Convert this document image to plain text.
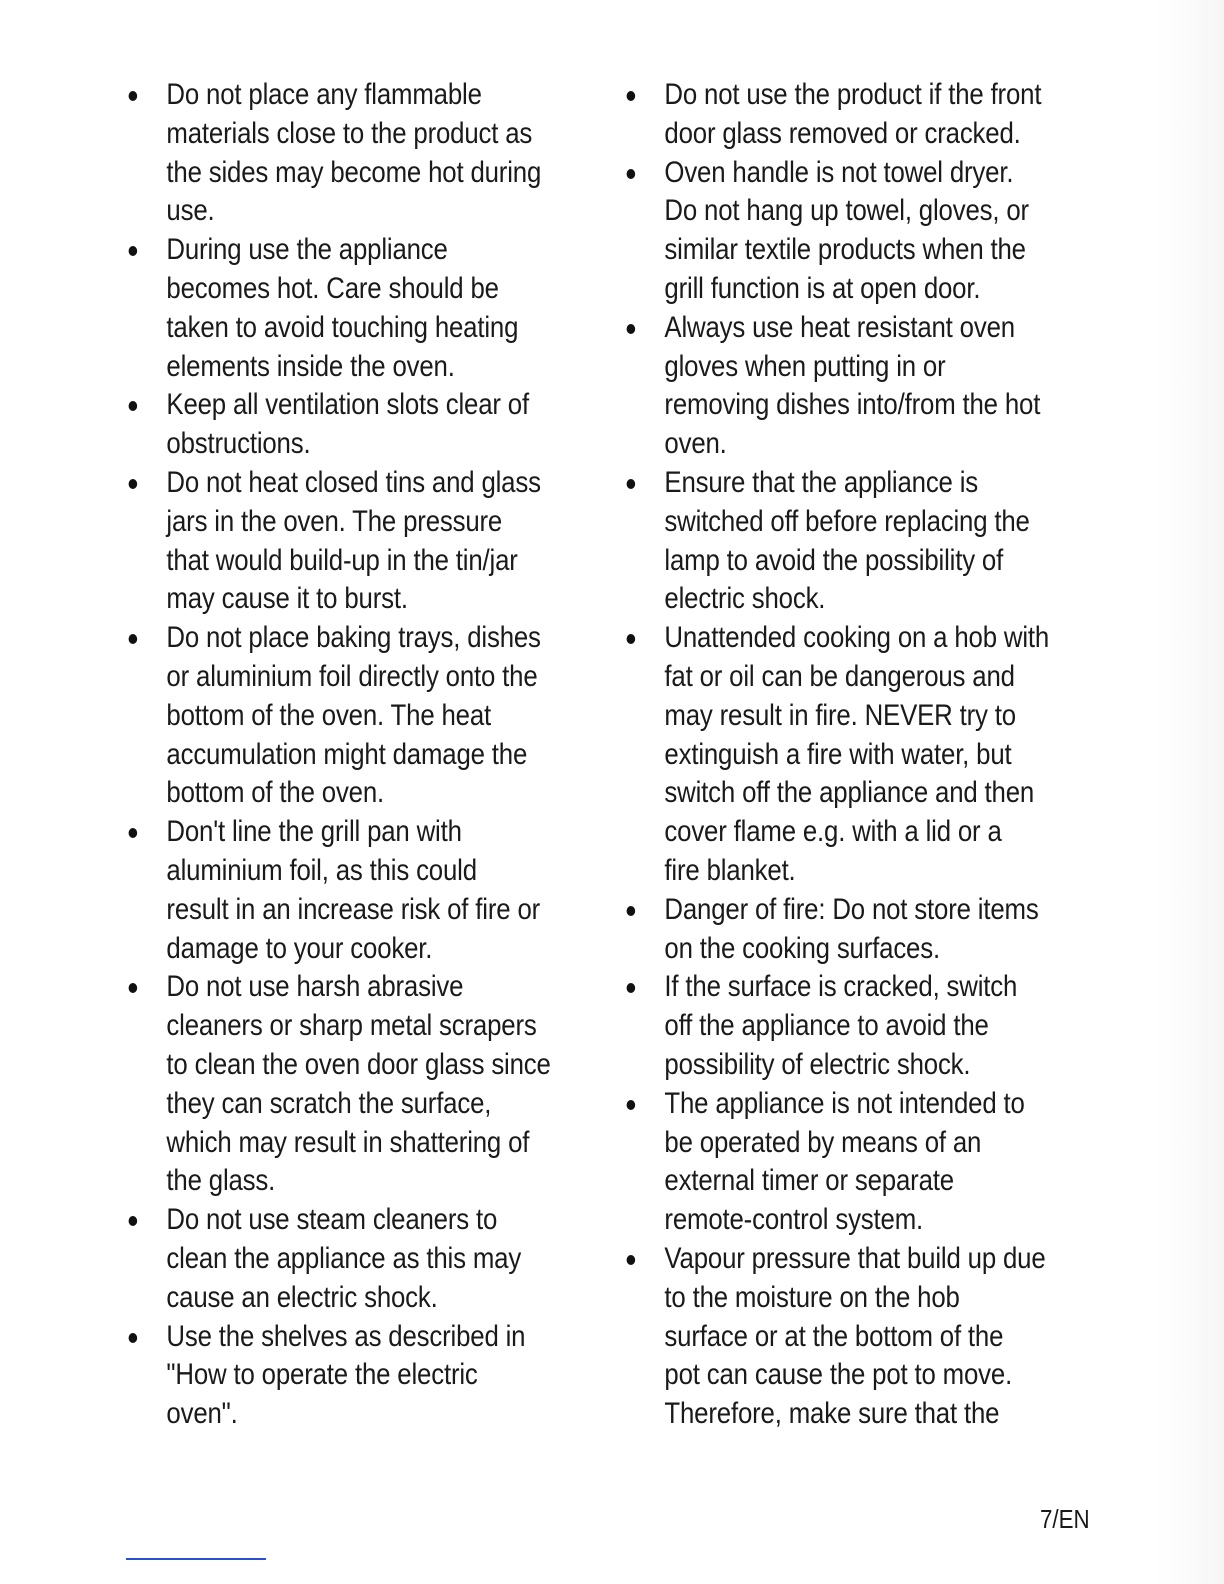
Do not place any flammable
materials close to the product as
the sides may become hot during
use.
During use the appliance
becomes hot. Care should be
taken to avoid touching heating
elements inside the oven.
Keep all ventilation slots clear of
obstructions.
Do not heat closed tins and glass
jars in the oven. The pressure
that would build-up in the tin/jar
may cause it to burst.
Do not place baking trays, dishes
or aluminium foil directly onto the
bottom of the oven. The heat
accumulation might damage the
bottom of the oven.
Don't line the grill pan with
aluminium foil, as this could
result in an increase risk of fire or
damage to your cooker.
Do not use harsh abrasive
cleaners or sharp metal scrapers
to clean the oven door glass since
they can scratch the surface,
which may result in shattering of
the glass.
Do not use steam cleaners to
clean the appliance as this may
cause an electric shock.
Use the shelves as described in
"How to operate the electric
oven".
Do not use the product if the front
door glass removed or cracked.
Oven handle is not towel dryer.
Do not hang up towel, gloves, or
similar textile products when the
grill function is at open door.
Always use heat resistant oven
gloves when putting in or
removing dishes into/from the hot
oven.
Ensure that the appliance is
switched off before replacing the
lamp to avoid the possibility of
electric shock.
Unattended cooking on a hob with
fat or oil can be dangerous and
may result in fire. NEVER try to
extinguish a fire with water, but
switch off the appliance and then
cover flame e.g. with a lid or a
fire blanket.
Danger of fire: Do not store items
on the cooking surfaces.
If the surface is cracked, switch
off the appliance to avoid the
possibility of electric shock.
The appliance is not intended to
be operated by means of an
external timer or separate
remote-control system.
Vapour pressure that build up due
to the moisture on the hob
surface or at the bottom of the
pot can cause the pot to move.
Therefore, make sure that the
7/EN
